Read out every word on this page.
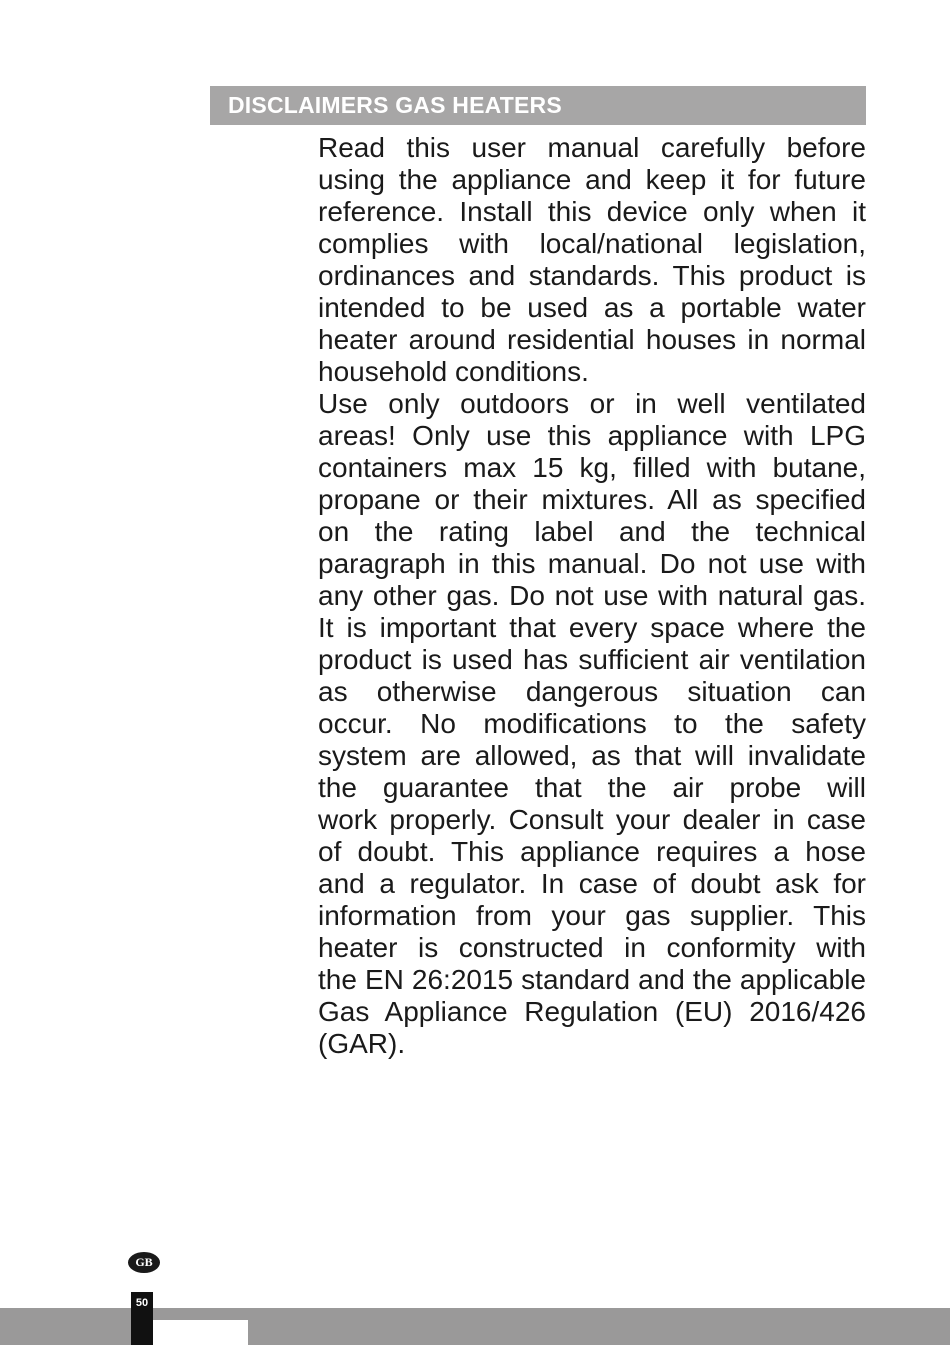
DISCLAIMERS GAS HEATERS
Read this user manual carefully before
using the appliance and keep it for future
reference. Install this device only when it
complies with local/national legislation,
ordinances and standards. This product is
intended to be used as a portable water
heater around residential houses in normal
household conditions.
Use only outdoors or in well ventilated
areas! Only use this appliance with LPG
containers max 15 kg, filled with butane,
propane or their mixtures. All as specified
on the rating label and the technical
paragraph in this manual. Do not use with
any other gas. Do not use with natural gas.
It is important that every space where the
product is used has sufficient air ventilation
as otherwise dangerous situation can
occur. No modifications to the safety
system are allowed, as that will invalidate
the guarantee that the air probe will
work properly. Consult your dealer in case
of doubt. This appliance requires a hose
and a regulator. In case of doubt ask for
information from your gas supplier. This
heater is constructed in conformity with
the EN 26:2015 standard and the applicable
Gas Appliance Regulation (EU) 2016/426
(GAR).
GB
50
